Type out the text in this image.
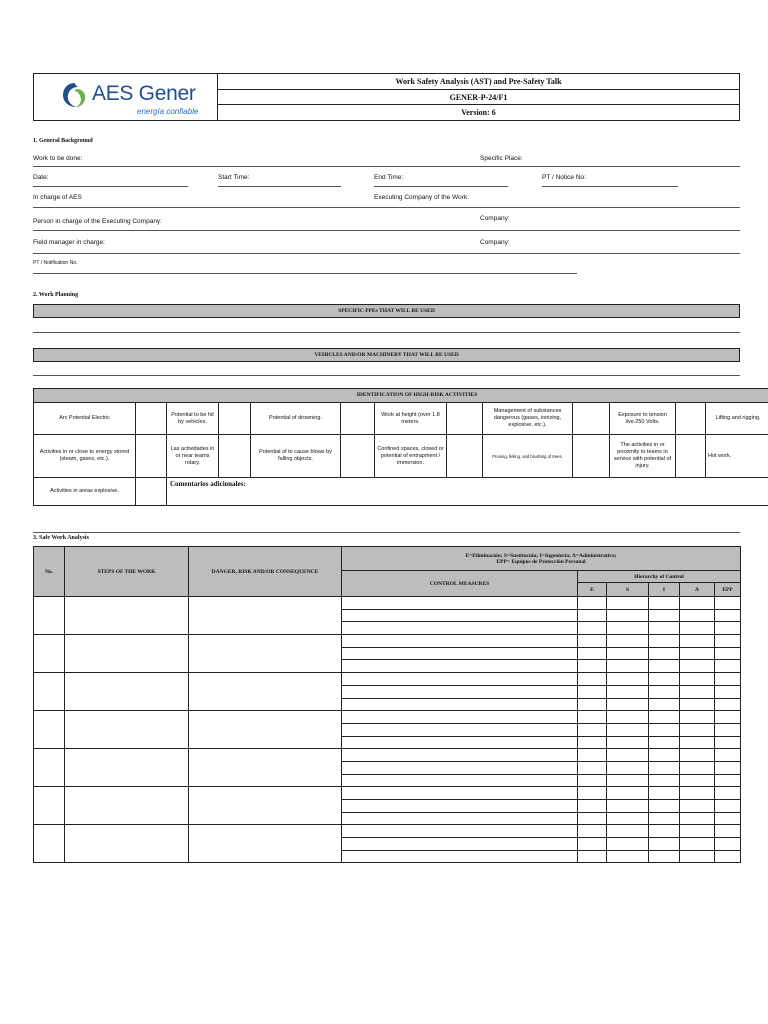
AES Gener
energía confiable
Work Safety Analysis (AST) and Pre-Safety Talk
GENER-P-24/F1
Version: 6
1. General Background
Work to be done:	Specific Place:
Date:	Start Time:	End Time:	PT / Notice No:
In charge of AES	Executing Company of the Work:
Person in charge of the Executing Company:	Company:
Field manager in charge:	Company:
PT / Notification No.
2. Work Planning
SPECIFIC PPEs THAT WILL BE USED
VEHICLES AND/OR MACHINERY THAT WILL BE USED
IDENTIFICATION OF HIGH-RISK ACTIVITIES													
Arc Potential Electric		Potential to be hit by vehicles.		Potential of drowning.		Work at height (over 1.8 meters.		Management of substances dangerous (gases, ionizing, explosive, etc.).		Exposure to tension live.250 Volts.		Lifting and rigging.	
Activities in or close to energy stored (steam, gases, etc.).		Las actividades in or near teams rotary.		Potential of to cause blows by falling objects.		Confined spaces, closed or potential of entrapment / immersion.		Pruning, felling, and brushing of trees.		The activities in or proximity to teams in service with potential of injury.		Hot work.	
Activities in areas explosive.		Comentarios adicionales:											
3. Safe Work Analysis
No.	STEPS OF THE WORK	DANGER, RISK AND/OR CONSEQUENCE	E=Eliminación; S=Sustitución; I=Ingeniería; A=Administrativa;
EPP= Equipos de Protección Personal					

			CONTROL MEASURES	Hierarchy of Control				
				E	S	I	A	EPP
